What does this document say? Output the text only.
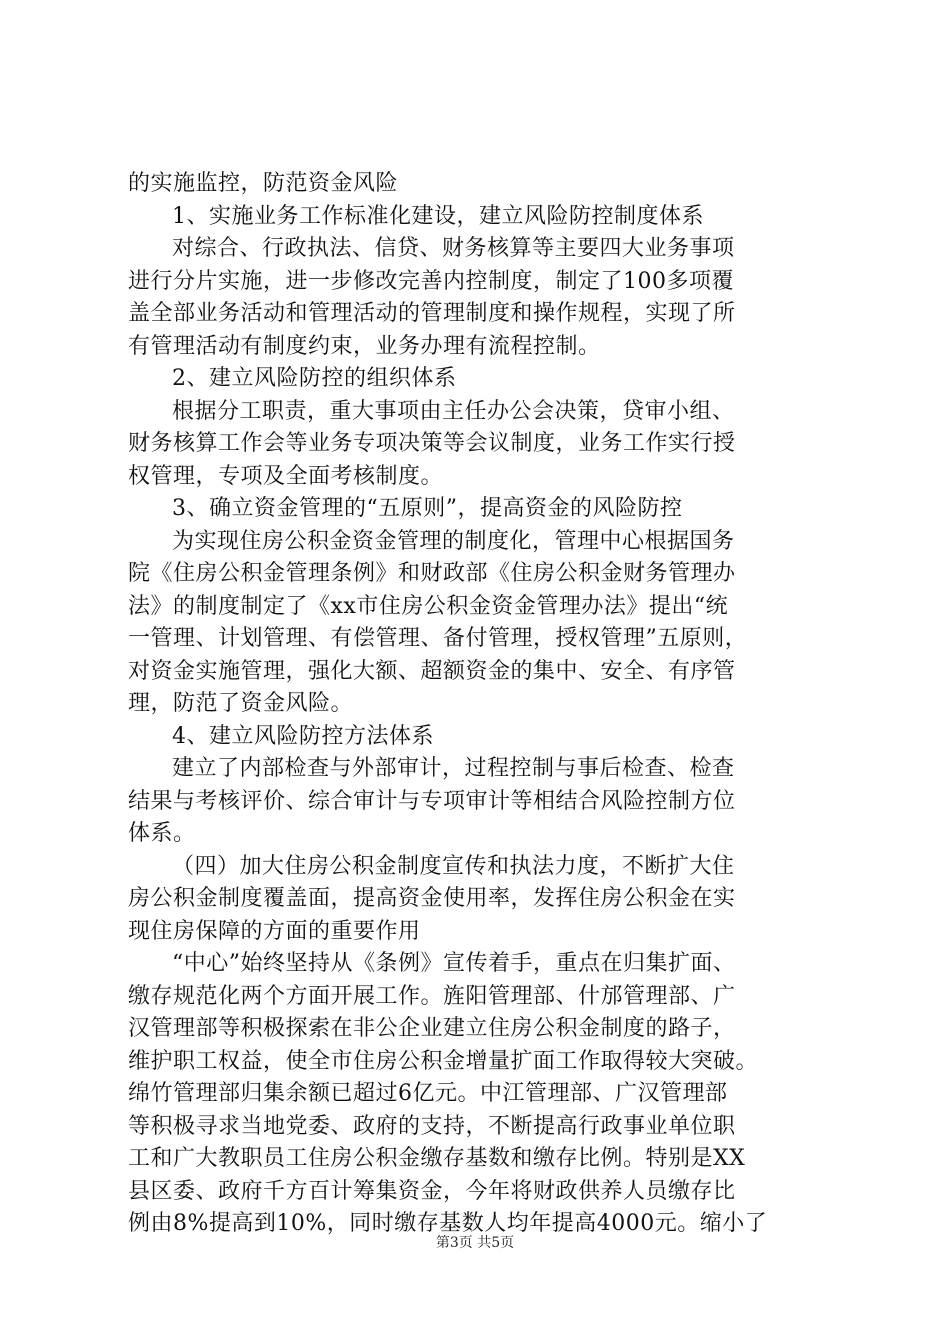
的实施监控，防范资金风险
1、实施业务工作标准化建设，建立风险防控制度体系
对综合、行政执法、信贷、财务核算等主要四大业务事项
进行分片实施，进一步修改完善内控制度，制定了100多项覆
盖全部业务活动和管理活动的管理制度和操作规程，实现了所
有管理活动有制度约束，业务办理有流程控制。
2、建立风险防控的组织体系
根据分工职责，重大事项由主任办公会决策，贷审小组、
财务核算工作会等业务专项决策等会议制度，业务工作实行授
权管理，专项及全面考核制度。
3、确立资金管理的“五原则”，提高资金的风险防控
为实现住房公积金资金管理的制度化，管理中心根据国务
院《住房公积金管理条例》和财政部《住房公积金财务管理办
法》的制度制定了《xx市住房公积金资金管理办法》提出“统
一管理、计划管理、有偿管理、备付管理，授权管理”五原则，
对资金实施管理，强化大额、超额资金的集中、安全、有序管
理，防范了资金风险。
4、建立风险防控方法体系
建立了内部检查与外部审计，过程控制与事后检查、检查
结果与考核评价、综合审计与专项审计等相结合风险控制方位
体系。
（四）加大住房公积金制度宣传和执法力度，不断扩大住
房公积金制度覆盖面，提高资金使用率，发挥住房公积金在实
现住房保障的方面的重要作用
“中心”始终坚持从《条例》宣传着手，重点在归集扩面、
缴存规范化两个方面开展工作。旌阳管理部、什邡管理部、广
汉管理部等积极探索在非公企业建立住房公积金制度的路子，
维护职工权益，使全市住房公积金增量扩面工作取得较大突破。
绵竹管理部归集余额已超过6亿元。中江管理部、广汉管理部
等积极寻求当地党委、政府的支持，不断提高行政事业单位职
工和广大教职员工住房公积金缴存基数和缴存比例。特别是XX
县区委、政府千方百计筹集资金，今年将财政供养人员缴存比
例由8%提高到10%，同时缴存基数人均年提高4000元。缩小了
第3页 共5页
